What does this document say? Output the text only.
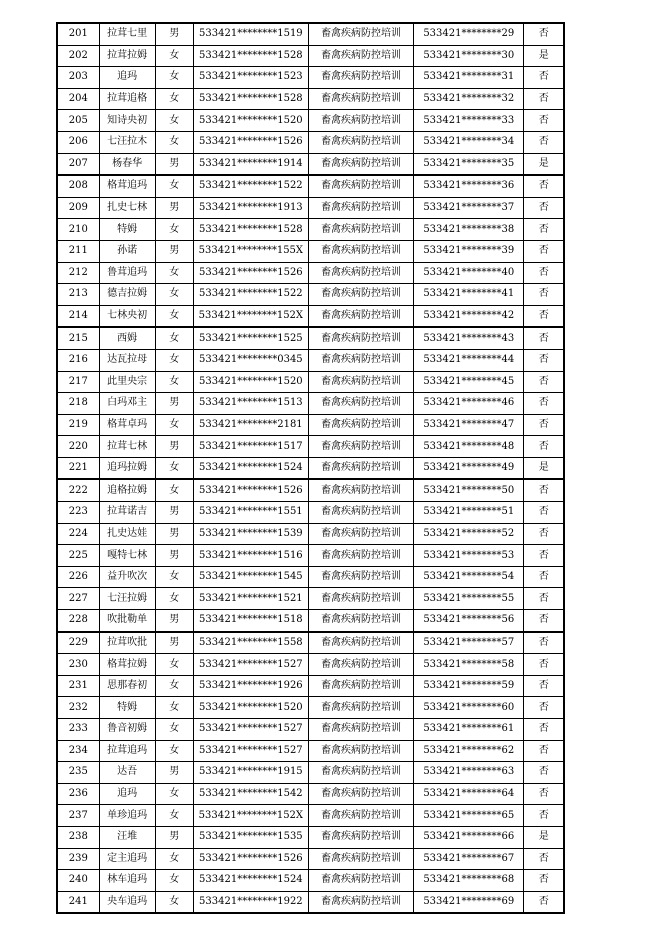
201	拉茸七里	男	533421********1519	畜禽疾病防控培训	533421********29	否
202	拉茸拉姆	女	533421********1528	畜禽疾病防控培训	533421********30	是
203	追玛	女	533421********1523	畜禽疾病防控培训	533421********31	否
204	拉茸追格	女	533421********1528	畜禽疾病防控培训	533421********32	否
205	知诗央初	女	533421********1520	畜禽疾病防控培训	533421********33	否
206	七汪拉木	女	533421********1526	畜禽疾病防控培训	533421********34	否
207	杨春华	男	533421********1914	畜禽疾病防控培训	533421********35	是
208	格茸追玛	女	533421********1522	畜禽疾病防控培训	533421********36	否
209	扎史七林	男	533421********1913	畜禽疾病防控培训	533421********37	否
210	特姆	女	533421********1528	畜禽疾病防控培训	533421********38	否
211	孙诺	男	533421********155X	畜禽疾病防控培训	533421********39	否
212	鲁茸追玛	女	533421********1526	畜禽疾病防控培训	533421********40	否
213	德吉拉姆	女	533421********1522	畜禽疾病防控培训	533421********41	否
214	七林央初	女	533421********152X	畜禽疾病防控培训	533421********42	否
215	西姆	女	533421********1525	畜禽疾病防控培训	533421********43	否
216	达瓦拉母	女	533421********0345	畜禽疾病防控培训	533421********44	否
217	此里央宗	女	533421********1520	畜禽疾病防控培训	533421********45	否
218	白玛邓主	男	533421********1513	畜禽疾病防控培训	533421********46	否
219	格茸卓玛	女	533421********2181	畜禽疾病防控培训	533421********47	否
220	拉茸七林	男	533421********1517	畜禽疾病防控培训	533421********48	否
221	追玛拉姆	女	533421********1524	畜禽疾病防控培训	533421********49	是
222	追格拉姆	女	533421********1526	畜禽疾病防控培训	533421********50	否
223	拉茸诺吉	男	533421********1551	畜禽疾病防控培训	533421********51	否
224	扎史达娃	男	533421********1539	畜禽疾病防控培训	533421********52	否
225	嘎特七林	男	533421********1516	畜禽疾病防控培训	533421********53	否
226	益升吹次	女	533421********1545	畜禽疾病防控培训	533421********54	否
227	七汪拉姆	女	533421********1521	畜禽疾病防控培训	533421********55	否
228	吹批勒单	男	533421********1518	畜禽疾病防控培训	533421********56	否
229	拉茸吹批	男	533421********1558	畜禽疾病防控培训	533421********57	否
230	格茸拉姆	女	533421********1527	畜禽疾病防控培训	533421********58	否
231	思那春初	女	533421********1926	畜禽疾病防控培训	533421********59	否
232	特姆	女	533421********1520	畜禽疾病防控培训	533421********60	否
233	鲁音初姆	女	533421********1527	畜禽疾病防控培训	533421********61	否
234	拉茸追玛	女	533421********1527	畜禽疾病防控培训	533421********62	否
235	达吾	男	533421********1915	畜禽疾病防控培训	533421********63	否
236	追玛	女	533421********1542	畜禽疾病防控培训	533421********64	否
237	单珍追玛	女	533421********152X	畜禽疾病防控培训	533421********65	否
238	汪堆	男	533421********1535	畜禽疾病防控培训	533421********66	是
239	定主追玛	女	533421********1526	畜禽疾病防控培训	533421********67	否
240	林车追玛	女	533421********1524	畜禽疾病防控培训	533421********68	否
241	央车追玛	女	533421********1922	畜禽疾病防控培训	533421********69	否
